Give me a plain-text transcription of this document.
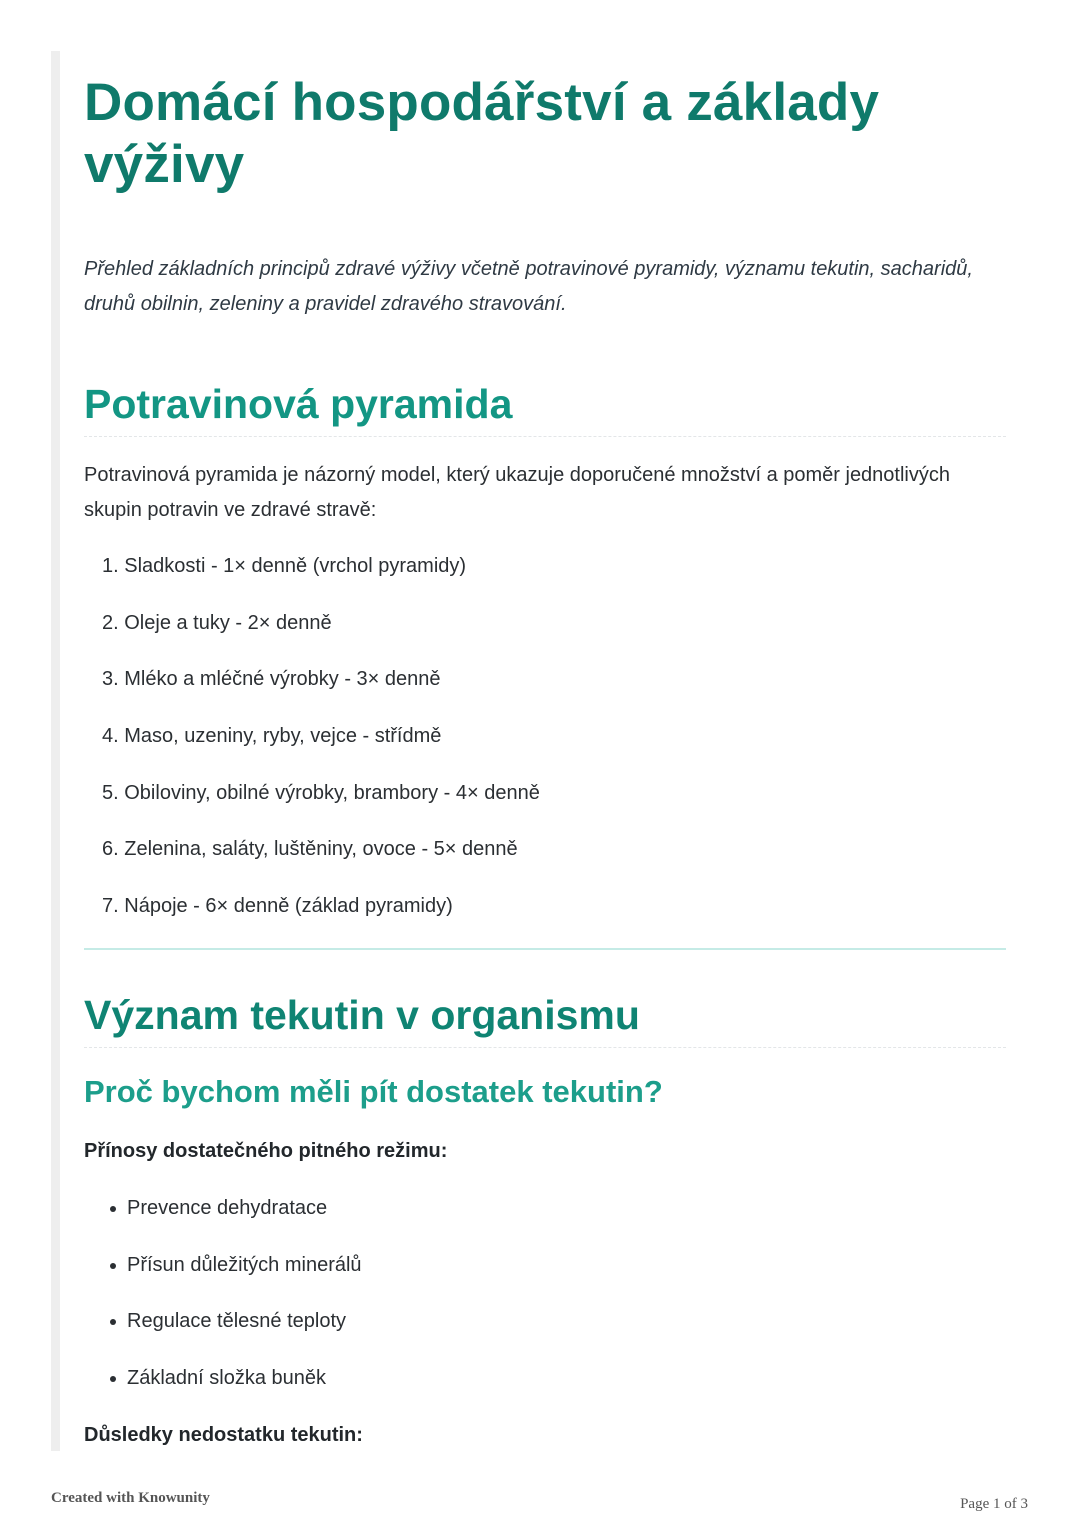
Domácí hospodářství a základy výživy

Přehled základních principů zdravé výživy včetně potravinové pyramidy, významu tekutin, sacharidů, druhů obilnin, zeleniny a pravidel zdravého stravování.

Potravinová pyramida

Potravinová pyramida je názorný model, který ukazuje doporučené množství a poměr jednotlivých skupin potravin ve zdravé stravě:

1. Sladkosti - 1× denně (vrchol pyramidy)
2. Oleje a tuky - 2× denně
3. Mléko a mléčné výrobky - 3× denně
4. Maso, uzeniny, ryby, vejce - střídmě
5. Obiloviny, obilné výrobky, brambory - 4× denně
6. Zelenina, saláty, luštěniny, ovoce - 5× denně
7. Nápoje - 6× denně (základ pyramidy)
Význam tekutin v organismu
Proč bychom měli pít dostatek tekutin?

Přínosy dostatečného pitného režimu:

Prevence dehydratace
Přísun důležitých minerálů
Regulace tělesné teploty
Základní složka buněk

Důsledky nedostatku tekutin:

Created with Knowunity	Page 1 of 3
